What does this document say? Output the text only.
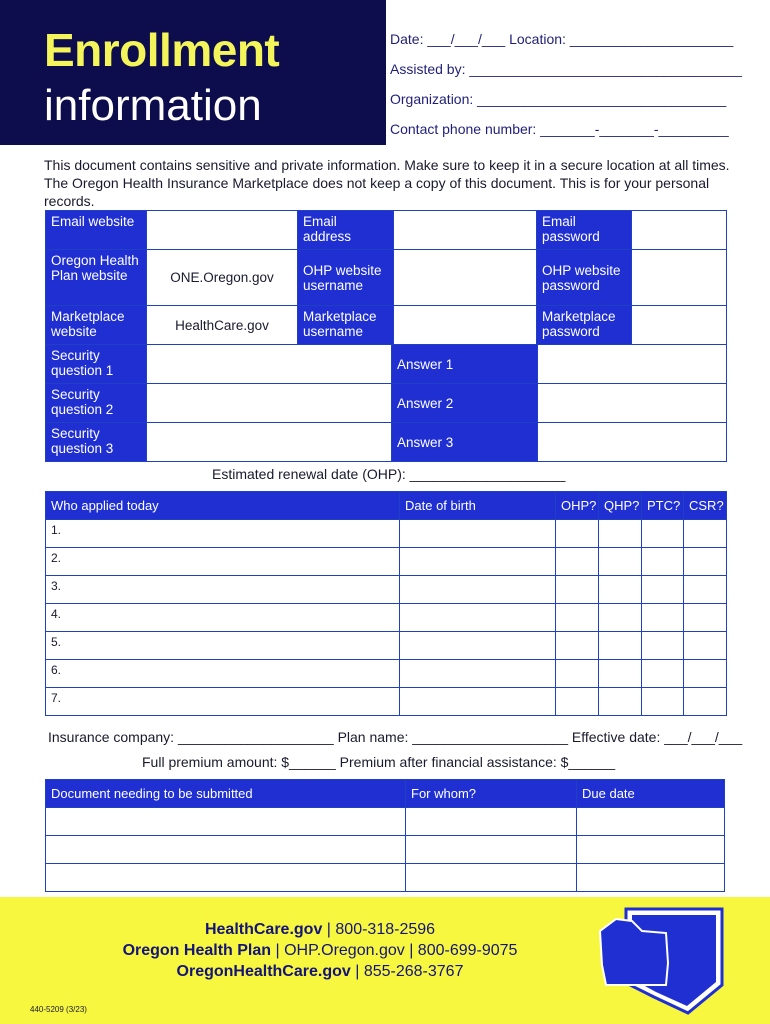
Enrollment
information
Date: ___/___/___ Location: _____________________
Assisted by: ___________________________________
Organization: ________________________________
Contact phone number: _______-_______-_________
This document contains sensitive and private information. Make sure to keep it in a secure location at all times. The Oregon Health Insurance Marketplace does not keep a copy of this document. This is for your personal records.
Email website		Email address		Email password	
Oregon Health Plan website	ONE.Oregon.gov	OHP website username		OHP website password	
Marketplace website	HealthCare.gov	Marketplace username		Marketplace password	
Security question 1		Answer 1	
Security question 2		Answer 2	
Security question 3		Answer 3	
Estimated renewal date (OHP): ____________________
Who applied today	Date of birth	OHP?	QHP?	PTC?	CSR?
1.					
2.					
3.					
4.					
5.					
6.					
7.					
Insurance company: ____________________ Plan name: ____________________ Effective date: ___/___/___
Full premium amount: $______ Premium after financial assistance: $______
Document needing to be submitted	For whom?	Due date

HealthCare.gov | 800-318-2596
Oregon Health Plan | OHP.Oregon.gov | 800-699-9075
OregonHealthCare.gov | 855-268-3767
440-5209 (3/23)
